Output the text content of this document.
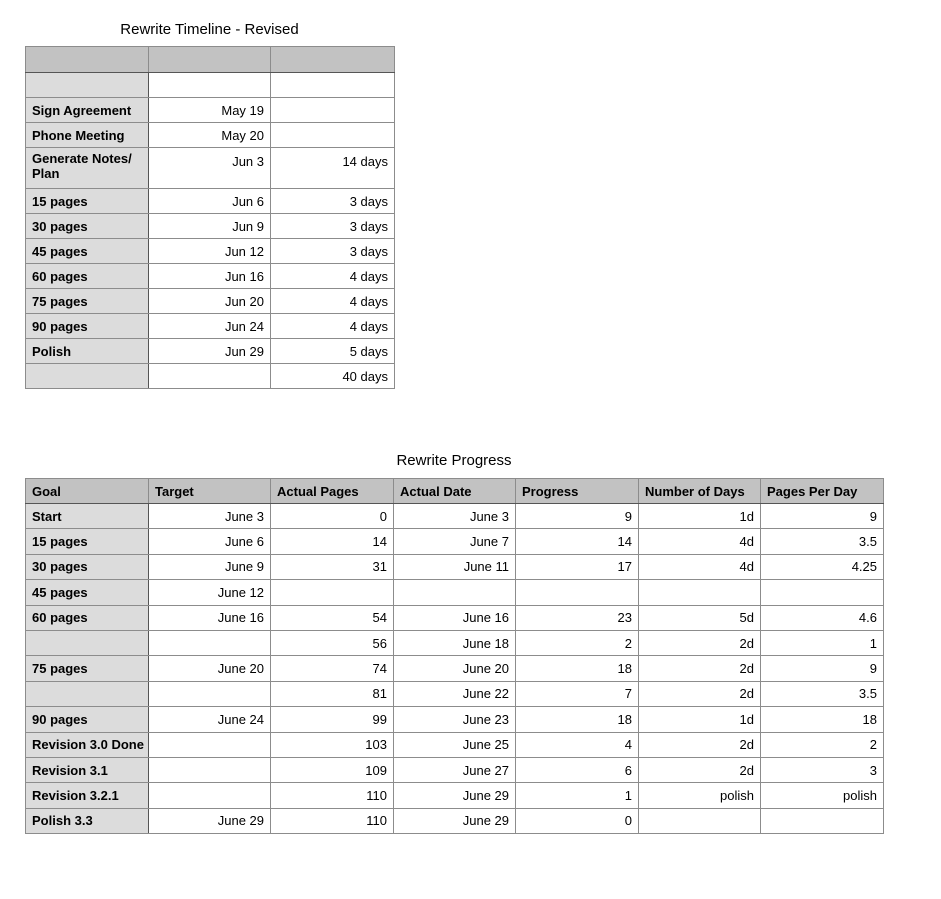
Rewrite Timeline - Revised

Sign Agreement	May 19	
Phone Meeting	May 20	
Generate Notes/ Plan	Jun 3	14 days
15 pages	Jun 6	3 days
30 pages	Jun 9	3 days
45 pages	Jun 12	3 days
60 pages	Jun 16	4 days
75 pages	Jun 20	4 days
90 pages	Jun 24	4 days
Polish	Jun 29	5 days
		40 days
Rewrite Progress
Goal	Target	Actual Pages	Actual Date	Progress	Number of Days	Pages Per Day
Start	June 3	0	June 3	9	1d	9
15 pages	June 6	14	June 7	14	4d	3.5
30 pages	June 9	31	June 11	17	4d	4.25
45 pages	June 12					
60 pages	June 16	54	June 16	23	5d	4.6
		56	June 18	2	2d	1
75 pages	June 20	74	June 20	18	2d	9
		81	June 22	7	2d	3.5
90 pages	June 24	99	June 23	18	1d	18
Revision 3.0 Done		103	June 25	4	2d	2
Revision 3.1		109	June 27	6	2d	3
Revision 3.2.1		110	June 29	1	polish	polish
Polish 3.3	June 29	110	June 29	0		
